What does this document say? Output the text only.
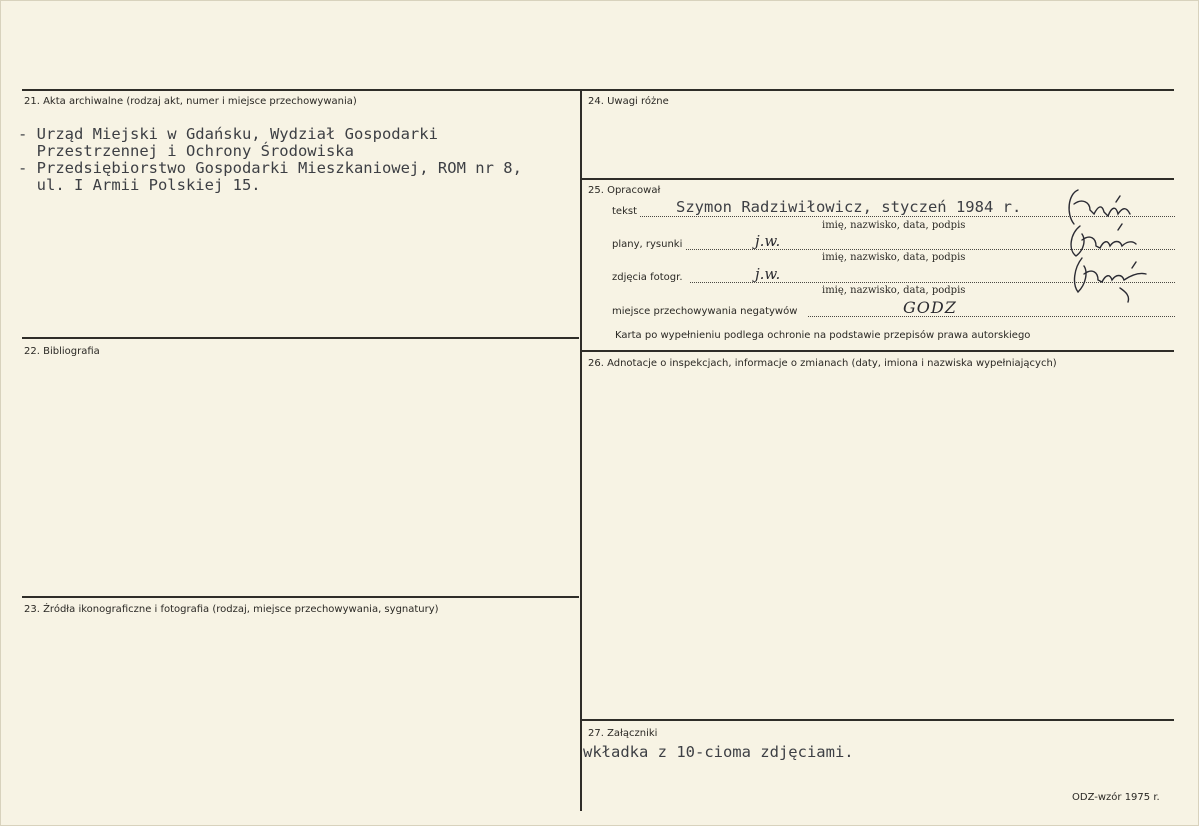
21. Akta archiwalne (rodzaj akt, numer i miejsce przechowywania)
- Urząd Miejski w Gdańsku, Wydział Gospodarki
Przestrzennej i Ochrony Środowiska
- Przedsiębiorstwo Gospodarki Mieszkaniowej, ROM nr 8,
ul. I Armii Polskiej 15.
22. Bibliografia
23. Źródła ikonograficzne i fotografia (rodzaj, miejsce przechowywania, sygnatury)
24. Uwagi różne
25. Opracował
tekst	Szymon Radziwiłowicz, styczeń 1984 r.
imię, nazwisko, data, podpis
plany, rysunki	j.w.
imię, nazwisko, data, podpis
zdjęcia fotogr.	j.w.
imię, nazwisko, data, podpis
miejsce przechowywania negatywów	GODZ
Karta po wypełnieniu podlega ochronie na podstawie przepisów prawa autorskiego
26. Adnotacje o inspekcjach, informacje o zmianach (daty, imiona i nazwiska wypełniających)
27. Załączniki
wkładka z 10-cioma zdjęciami.
ODZ-wzór 1975 r.
